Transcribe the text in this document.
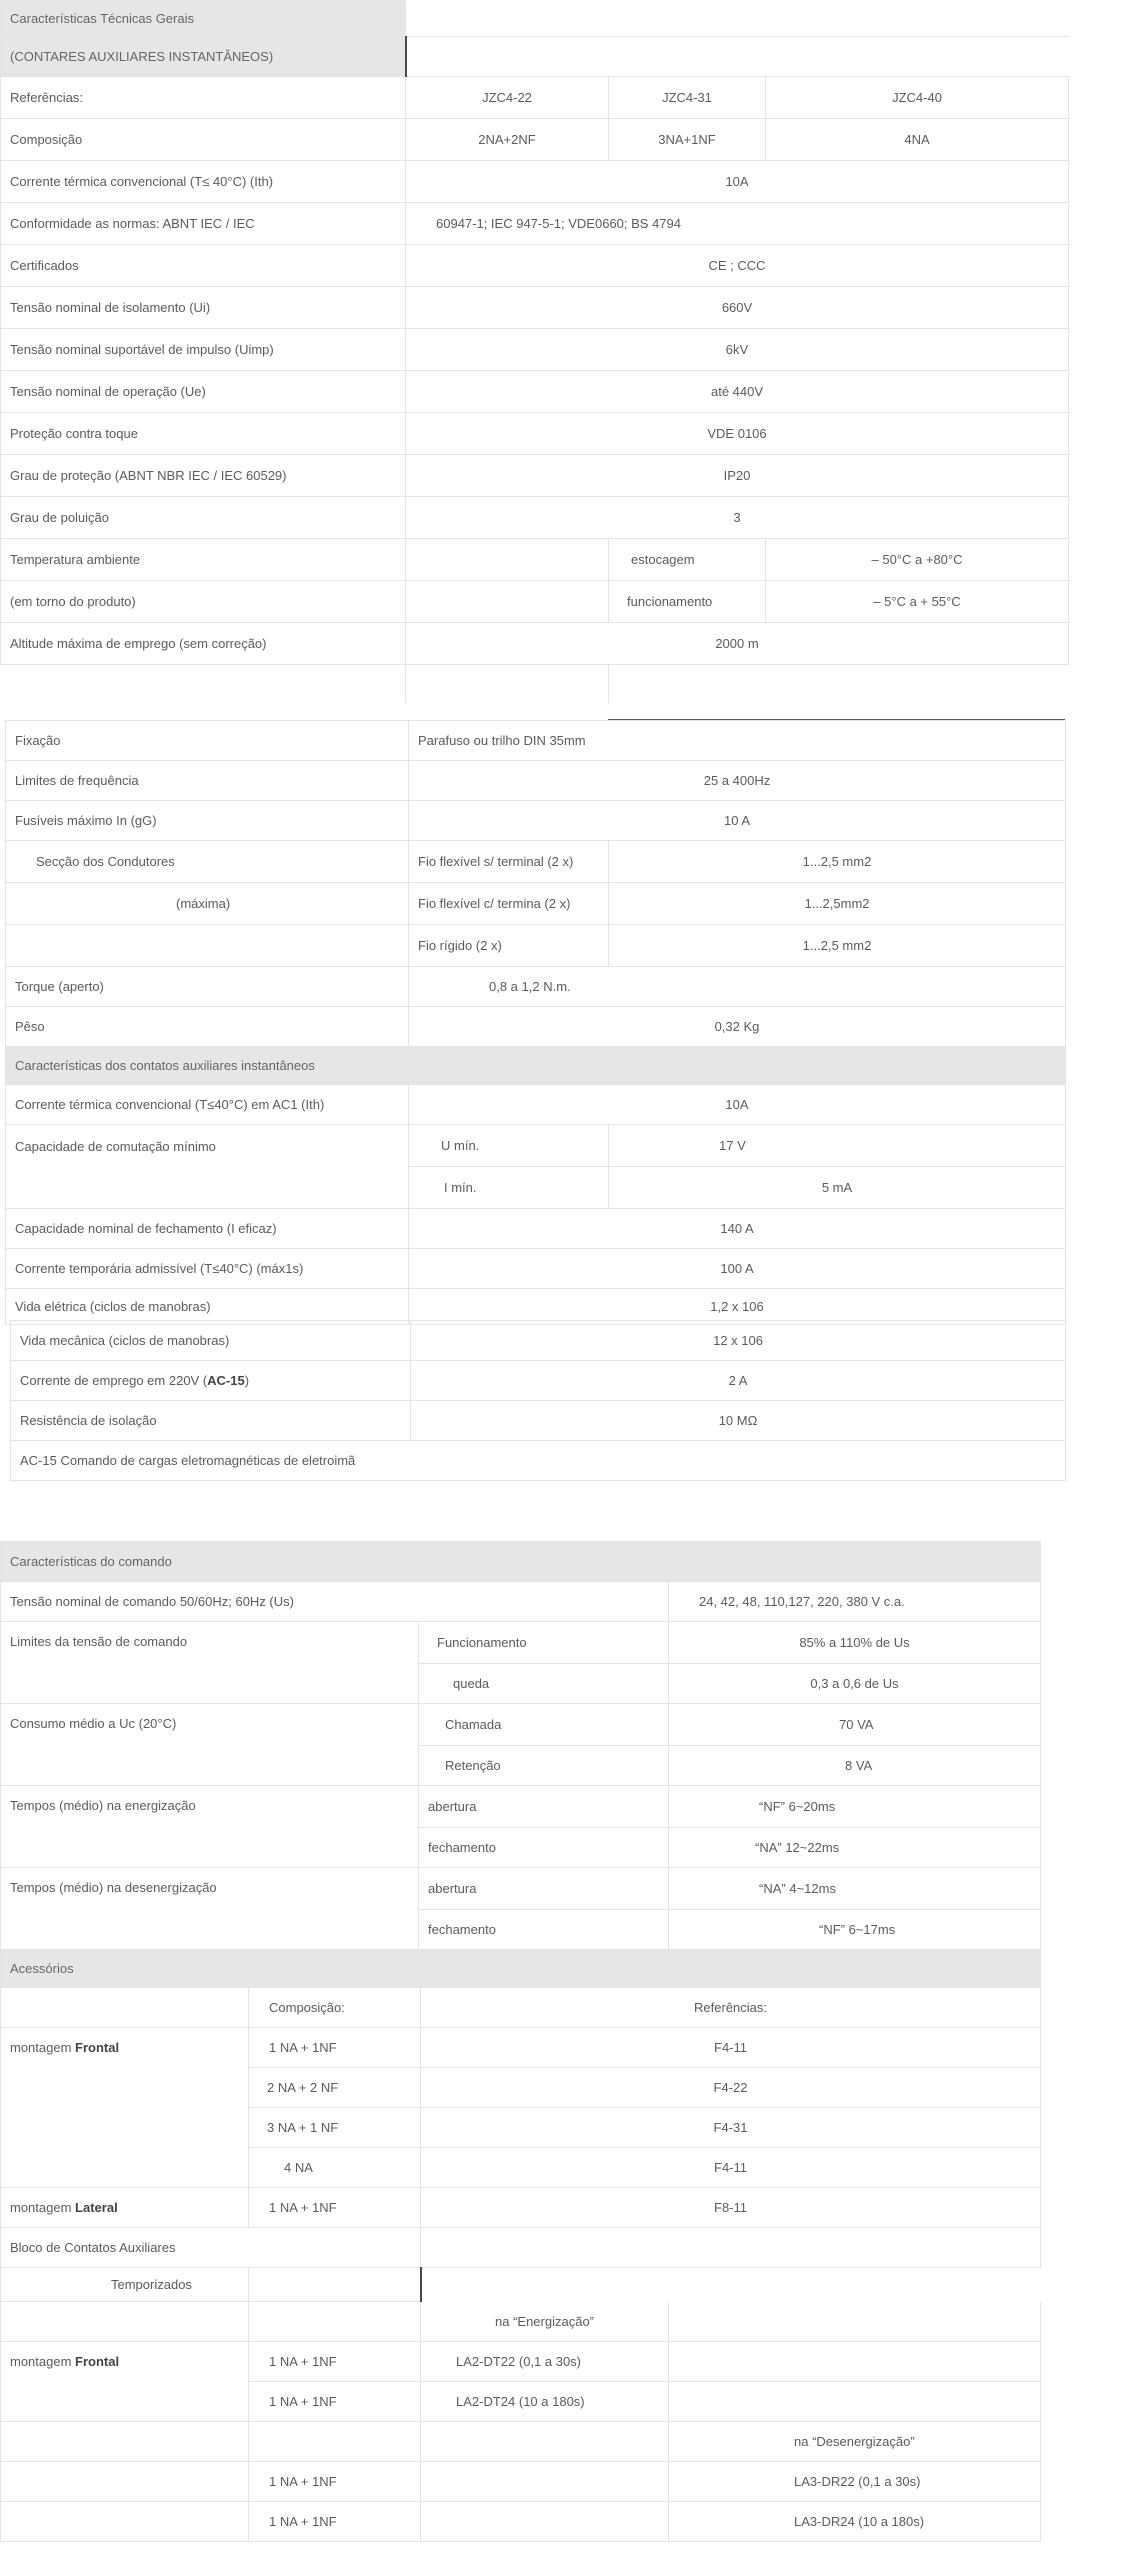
Características Técnicas Gerais			
(CONTARES AUXILIARES INSTANTÂNEOS)			
Referências:	JZC4-22	JZC4-31	JZC4-40
Composição	2NA+2NF	3NA+1NF	4NA
Corrente térmica convencional (T≤ 40°C) (Ith)	10A		
Conformidade as normas: ABNT IEC / IEC	60947-1; IEC 947-5-1; VDE0660; BS 4794		
Certificados	CE ; CCC		
Tensão nominal de isolamento (Ui)	660V		
Tensão nominal suportável de impulso (Uimp)	6kV		
Tensão nominal de operação (Ue)	até 440V		
Proteção contra toque	VDE 0106		
Grau de proteção (ABNT NBR IEC / IEC 60529)	IP20		
Grau de poluição	3		
Temperatura ambiente		estocagem	– 50°C a +80°C
(em torno do produto)		funcionamento	– 5°C a + 55°C
Altitude máxima de emprego (sem correção)	2000 m		

Fixação	Parafuso ou trilho DIN 35mm	
Limites de frequência	25 a 400Hz	
Fusíveis máximo In (gG)	10 A	
Secção dos Condutores	Fio flexível s/ terminal (2 x)	1...2,5 mm2
(máxima)	Fio flexível c/ termina (2 x)	1...2,5mm2
	Fio rígido (2 x)	1...2,5 mm2
Torque (aperto)	0,8 a 1,2 N.m.	
Pêso	0,32 Kg	
Características dos contatos auxiliares instantâneos		
Corrente térmica convencional (T≤40°C) em AC1 (Ith)	10A	
Capacidade de comutação mínimo	U mín.	17 V
	I mín.	5 mA
Capacidade nominal de fechamento (I eficaz)	140 A	
Corrente temporária admissível (T≤40°C) (máx1s)	100 A	
Vida elétrica (ciclos de manobras)	1,2 x 106	
Vida mecânica (ciclos de manobras)	12 x 106
Corrente de emprego em 220V (AC-15)	2 A
Resistência de isolação	10 MΩ
AC-15 Comando de cargas eletromagnéticas de eletroimã	
Características do comando		
Tensão nominal de comando 50/60Hz; 60Hz (Us)		24, 42, 48, 110,127, 220, 380 V c.a.
Limites da tensão de comando	Funcionamento	85% a 110% de Us
	queda	0,3 a 0,6 de Us
Consumo médio a Uc (20°C)	Chamada	70 VA
	Retenção	8 VA
Tempos (médio) na energização	abertura	“NF” 6~20ms
	fechamento	“NA” 12~22ms
Tempos (médio) na desenergização	abertura	“NA” 4~12ms
	fechamento	“NF” 6~17ms
Acessórios			
	Composição:	Referências:	
montagem Frontal	1 NA + 1NF	F4-11	
	2 NA + 2 NF	F4-22	
	3 NA + 1 NF	F4-31	
	4 NA	F4-11	
montagem Lateral	1 NA + 1NF	F8-11	
Bloco de Contatos Auxiliares			
Temporizados			
		na “Energização”	
montagem Frontal	1 NA + 1NF	LA2-DT22 (0,1 a 30s)	
	1 NA + 1NF	LA2-DT24 (10 a 180s)	
			na “Desenergização”
	1 NA + 1NF		LA3-DR22 (0,1 a 30s)
	1 NA + 1NF		LA3-DR24 (10 a 180s)
